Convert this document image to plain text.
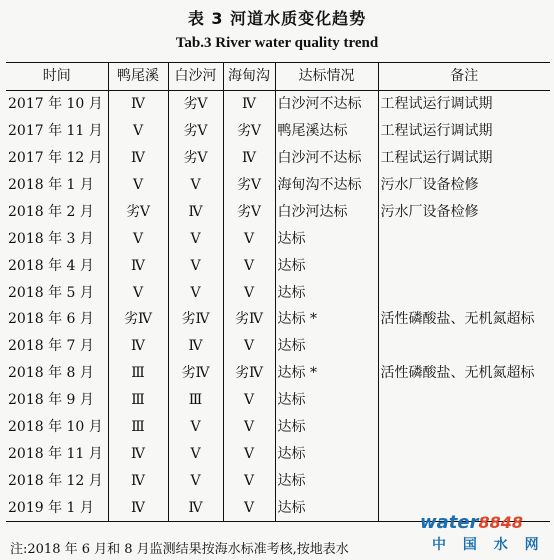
表 3 河道水质变化趋势
Tab.3 River water quality trend
时间	鸭尾溪	白沙河	海甸沟	达标情况	备注
2017 年 10 月	Ⅳ	劣Ⅴ	Ⅳ	白沙河不达标	工程试运行调试期
2017 年 11 月	Ⅴ	劣Ⅴ	劣Ⅴ	鸭尾溪达标	工程试运行调试期
2017 年 12 月	Ⅳ	劣Ⅴ	Ⅳ	白沙河不达标	工程试运行调试期
2018 年 1 月	Ⅴ	Ⅴ	劣Ⅴ	海甸沟不达标	污水厂设备检修
2018 年 2 月	劣Ⅴ	Ⅳ	劣Ⅴ	白沙河达标	污水厂设备检修
2018 年 3 月	Ⅴ	Ⅴ	Ⅴ	达标	
2018 年 4 月	Ⅳ	Ⅴ	Ⅴ	达标	
2018 年 5 月	Ⅴ	Ⅴ	Ⅴ	达标	
2018 年 6 月	劣Ⅳ	劣Ⅳ	劣Ⅳ	达标 *	活性磷酸盐、无机氮超标
2018 年 7 月	Ⅳ	Ⅳ	Ⅴ	达标	
2018 年 8 月	Ⅲ	劣Ⅳ	劣Ⅳ	达标 *	活性磷酸盐、无机氮超标
2018 年 9 月	Ⅲ	Ⅲ	Ⅴ	达标	
2018 年 10 月	Ⅲ	Ⅴ	Ⅴ	达标	
2018 年 11 月	Ⅳ	Ⅴ	Ⅴ	达标	
2018 年 12 月	Ⅳ	Ⅴ	Ⅴ	达标	
2019 年 1 月	Ⅳ	Ⅳ	Ⅴ	达标	
注:2018 年 6 月和 8 月监测结果按海水标准考核,按地表水
water8848
中 国 水 网
